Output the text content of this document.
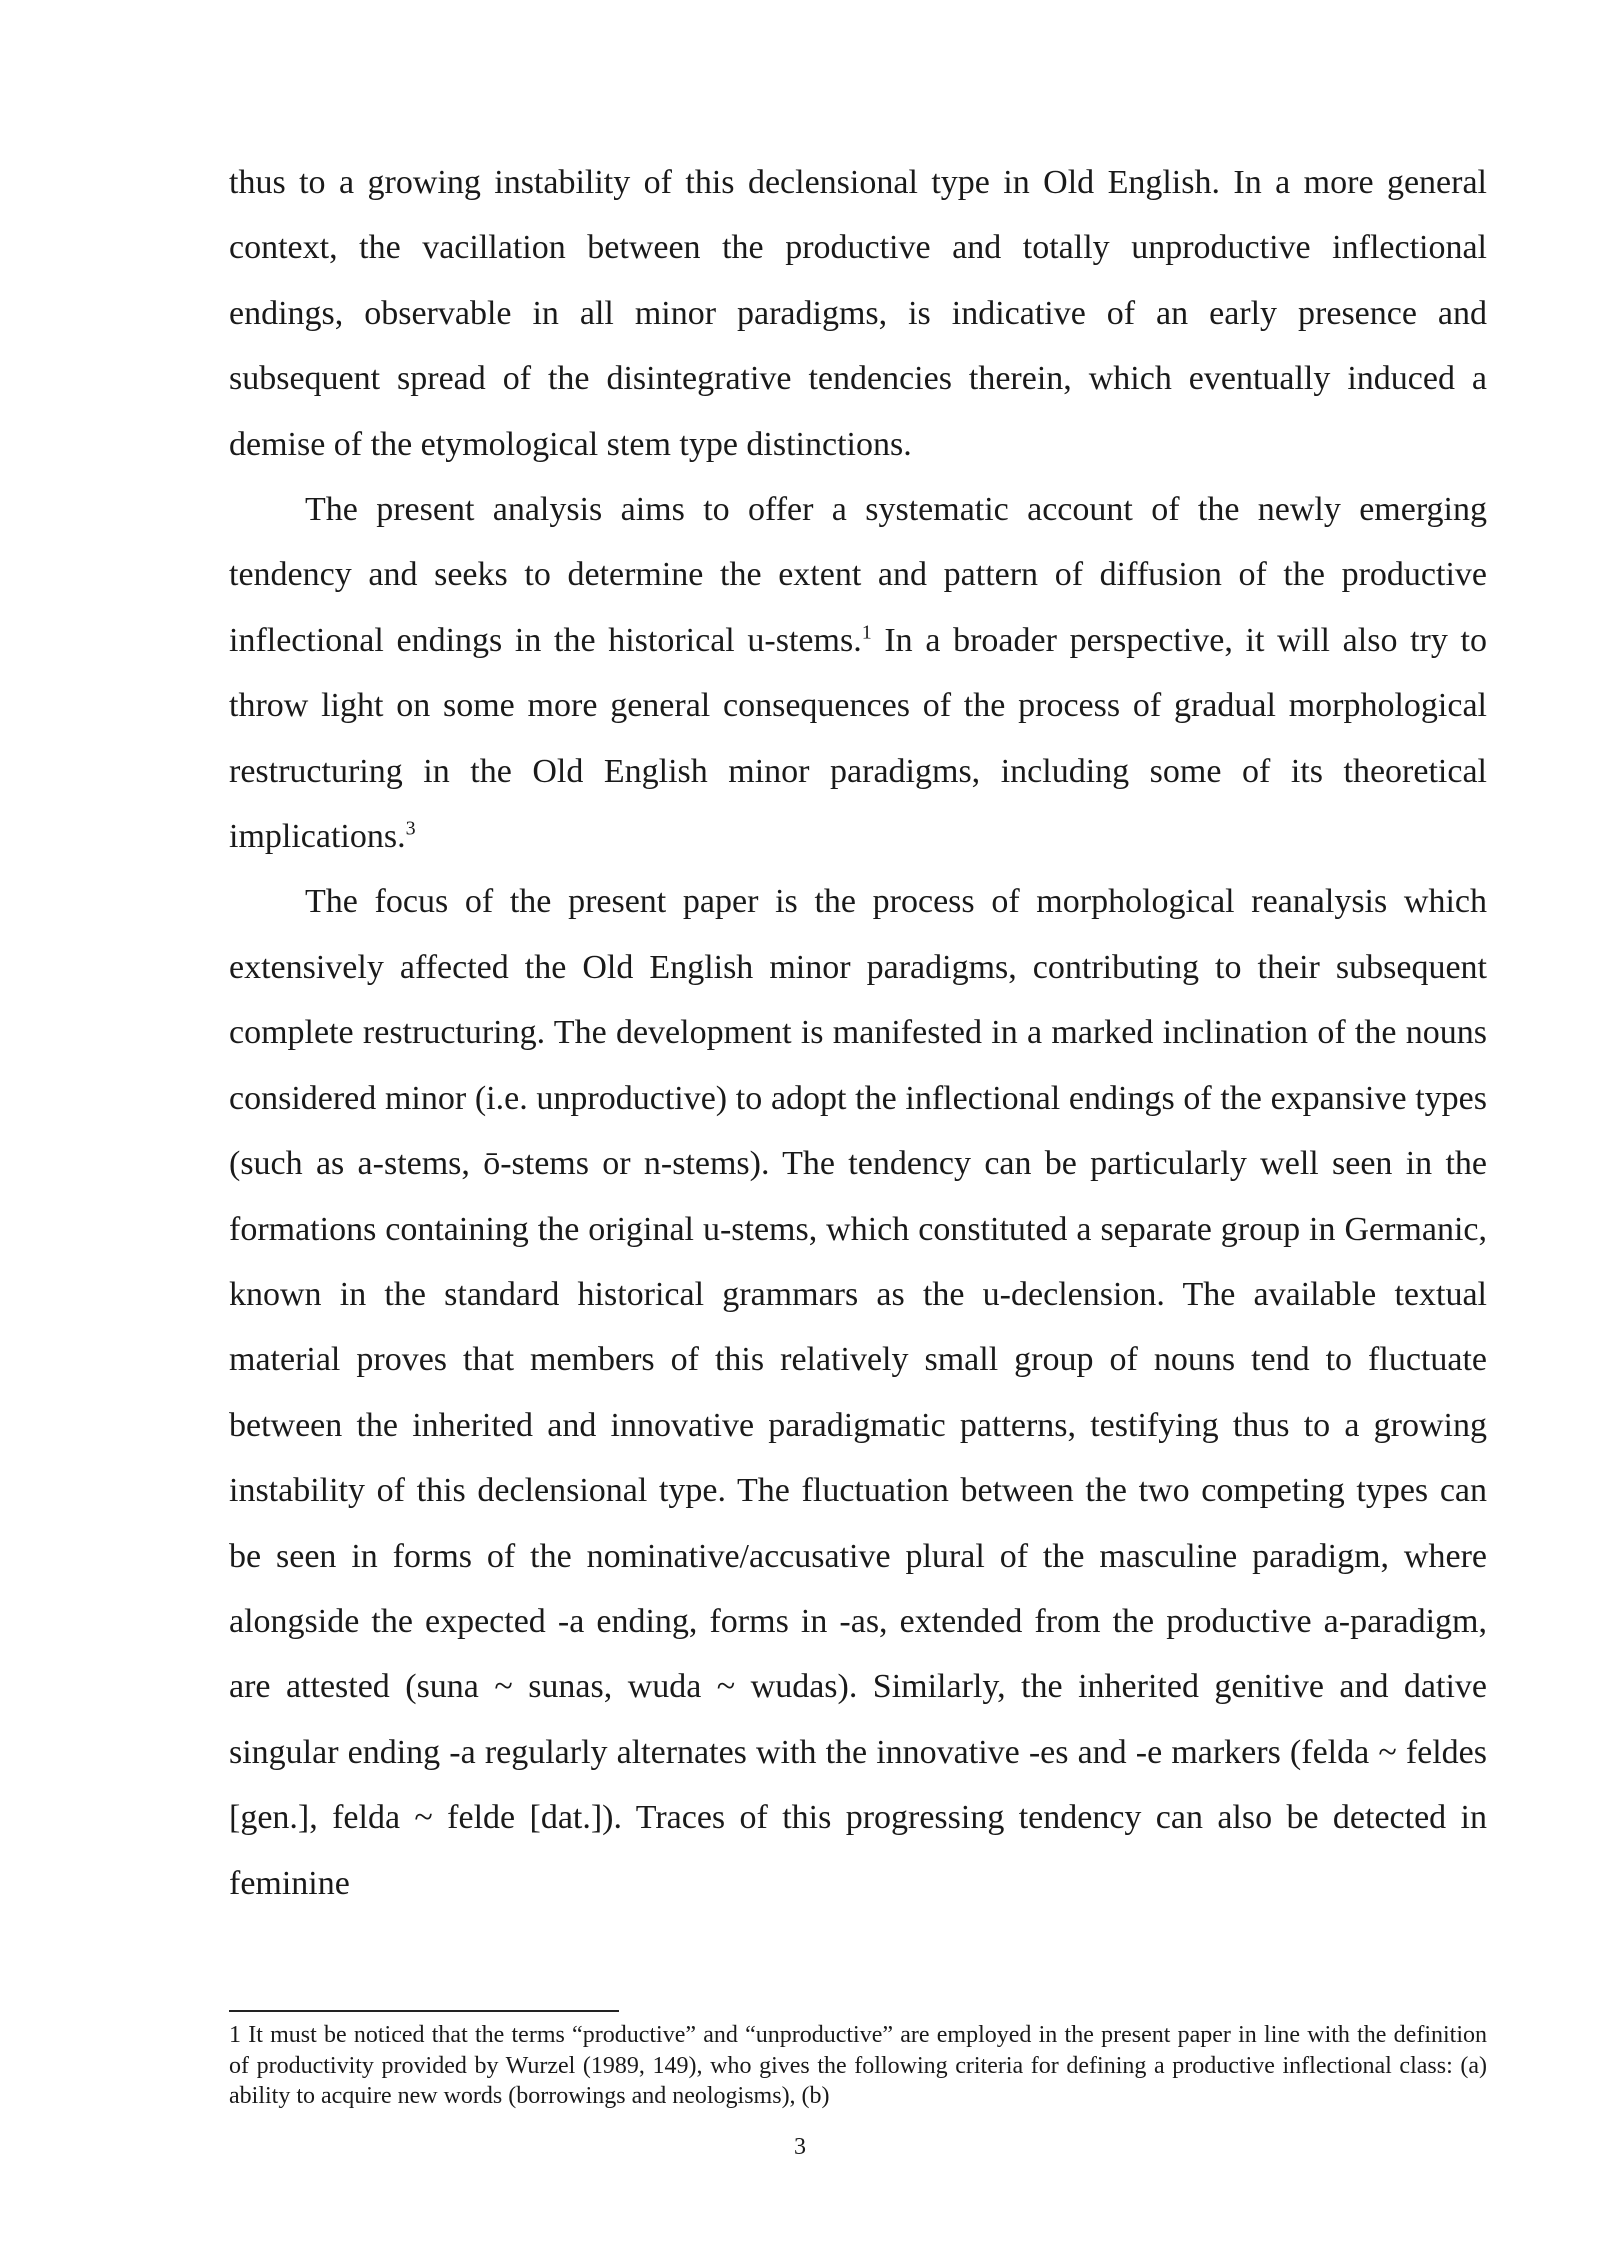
thus to a growing instability of this declensional type in Old English. In a more general context, the vacillation between the productive and totally unproductive inflectional endings, observable in all minor paradigms, is indicative of an early presence and subsequent spread of the disintegrative tendencies therein, which eventually induced a demise of the etymological stem type distinctions.

The present analysis aims to offer a systematic account of the newly emerging tendency and seeks to determine the extent and pattern of diffusion of the productive inflectional endings in the historical u-stems.$^1$ In a broader perspective, it will also try to throw light on some more general consequences of the process of gradual morphological restructuring in the Old English minor paradigms, including some of its theoretical implications.$^3$

The focus of the present paper is the process of morphological reanalysis which extensively affected the Old English minor paradigms, contributing to their subsequent complete restructuring. The development is manifested in a marked inclination of the nouns considered minor (i.e. unproductive) to adopt the inflectional endings of the expansive types (such as a-stems, ō-stems or n-stems). The tendency can be particularly well seen in the formations containing the original u-stems, which constituted a separate group in Germanic, known in the standard historical grammars as the u-declension. The available textual material proves that members of this relatively small group of nouns tend to fluctuate between the inherited and innovative paradigmatic patterns, testifying thus to a growing instability of this declensional type. The fluctuation between the two competing types can be seen in forms of the nominative/accusative plural of the masculine paradigm, where alongside the expected -a ending, forms in -as, extended from the productive a-paradigm, are attested (suna ~ sunas, wuda ~ wudas). Similarly, the inherited genitive and dative singular ending -a regularly alternates with the innovative -es and -e markers (felda ~ feldes [gen.], felda ~ felde [dat.]). Traces of this progressing tendency can also be detected in feminine

1 It must be noticed that the terms “productive” and “unproductive” are employed in the present paper in line with the definition of productivity provided by Wurzel (1989, 149), who gives the following criteria for defining a productive inflectional class: (a) ability to acquire new words (borrowings and neologisms), (b)

3
